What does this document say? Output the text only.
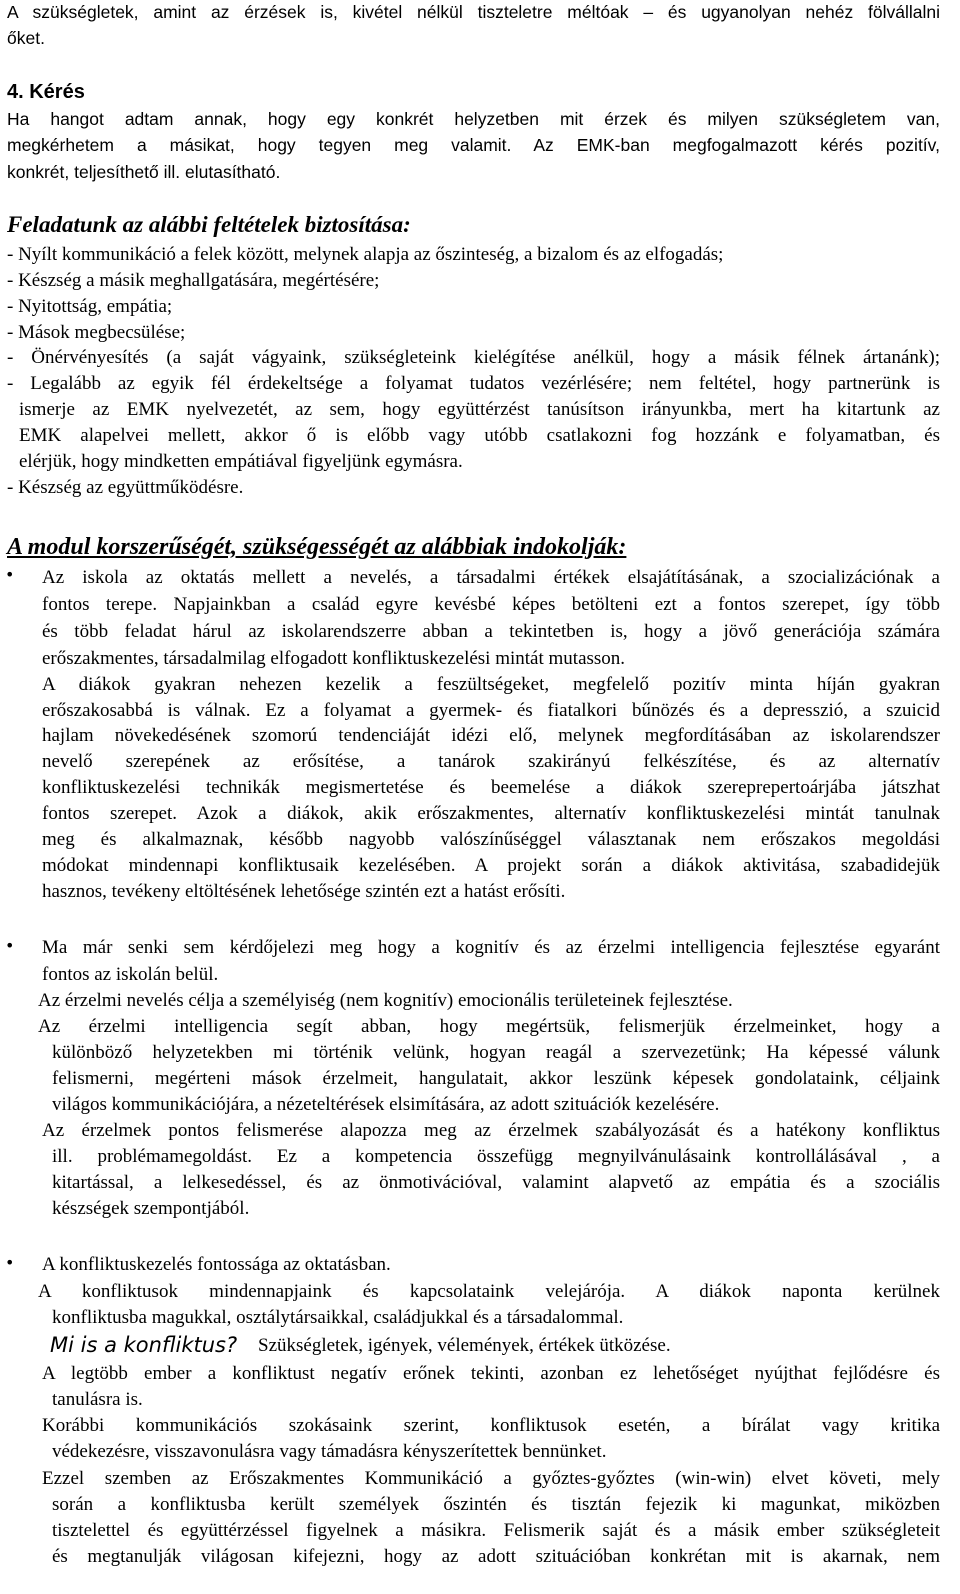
A szükségletek, amint az érzések is, kivétel nélkül tiszteletre méltóak – és ugyanolyan nehéz fölvállalni
őket.
4. Kérés
Ha hangot adtam annak, hogy egy konkrét helyzetben mit érzek és milyen szükségletem van,
megkérhetem a másikat, hogy tegyen meg valamit. Az EMK-ban megfogalmazott kérés pozitív,
konkrét, teljesíthető ill. elutasítható.
Feladatunk az alábbi feltételek biztosítása:
- Nyílt kommunikáció a felek között, melynek alapja az őszinteség, a bizalom és az elfogadás;
- Készség a másik meghallgatására, megértésére;
- Nyitottság, empátia;
- Mások megbecsülése;
- Önérvényesítés (a saját vágyaink, szükségleteink kielégítése anélkül, hogy a másik félnek ártanánk);
- Legalább az egyik fél érdekeltsége a folyamat tudatos vezérlésére; nem feltétel, hogy partnerünk is
ismerje az EMK nyelvezetét, az sem, hogy együttérzést tanúsítson irányunkba, mert ha kitartunk az
EMK alapelvei mellett, akkor ő is előbb vagy utóbb csatlakozni fog hozzánk e folyamatban, és
elérjük, hogy mindketten empátiával figyeljünk egymásra.
- Készség az együttműködésre.
A modul korszerűségét, szükségességét az alábbiak indokolják:
• Az iskola az oktatás mellett a nevelés, a társadalmi értékek elsajátításának, a szocializációnak a
fontos terepe. Napjainkban a család egyre kevésbé képes betölteni ezt a fontos szerepet, így több
és több feladat hárul az iskolarendszerre abban a tekintetben is, hogy a jövő generációja számára
erőszakmentes, társadalmilag elfogadott konfliktuskezelési mintát mutasson.
A diákok gyakran nehezen kezelik a feszültségeket, megfelelő pozitív minta híján gyakran
erőszakosabbá is válnak. Ez a folyamat a gyermek- és fiatalkori bűnözés és a depresszió, a szuicid
hajlam növekedésének szomorú tendenciáját idézi elő, melynek megfordításában az iskolarendszer
nevelő szerepének az erősítése, a tanárok szakirányú felkészítése, és az alternatív
konfliktuskezelési technikák megismertetése és beemelése a diákok szereprepertoárjába játszhat
fontos szerepet. Azok a diákok, akik erőszakmentes, alternatív konfliktuskezelési mintát tanulnak
meg és alkalmaznak, később nagyobb valószínűséggel választanak nem erőszakos megoldási
módokat mindennapi konfliktusaik kezelésében. A projekt során a diákok aktivitása, szabadidejük
hasznos, tevékeny eltöltésének lehetősége szintén ezt a hatást erősíti.
• Ma már senki sem kérdőjelezi meg hogy a kognitív és az érzelmi intelligencia fejlesztése egyaránt
fontos az iskolán belül.
Az érzelmi nevelés célja a személyiség (nem kognitív) emocionális területeinek fejlesztése.
Az érzelmi intelligencia segít abban, hogy megértsük, felismerjük érzelmeinket, hogy a
különböző helyzetekben mi történik velünk, hogyan reagál a szervezetünk; Ha képessé válunk
felismerni, megérteni mások érzelmeit, hangulatait, akkor leszünk képesek gondolataink, céljaink
világos kommunikációjára, a nézeteltérések elsimítására, az adott szituációk kezelésére.
Az érzelmek pontos felismerése alapozza meg az érzelmek szabályozását és a hatékony konfliktus
ill. problémamegoldást. Ez a kompetencia összefügg megnyilvánulásaink kontrollálásával , a
kitartással, a lelkesedéssel, és az önmotivációval, valamint alapvető az empátia és a szociális
készségek szempontjából.
• A konfliktuskezelés fontossága az oktatásban.
A konfliktusok mindennapjaink és kapcsolataink velejárója. A diákok naponta kerülnek
konfliktusba magukkal, osztálytársaikkal, családjukkal és a társadalommal.
Mi is a konfliktus? Szükségletek, igények, vélemények, értékek ütközése.
A legtöbb ember a konfliktust negatív erőnek tekinti, azonban ez lehetőséget nyújthat fejlődésre és
tanulásra is.
Korábbi kommunikációs szokásaink szerint, konfliktusok esetén, a bírálat vagy kritika
védekezésre, visszavonulásra vagy támadásra kényszerítettek bennünket.
Ezzel szemben az Erőszakmentes Kommunikáció a győztes-győztes (win-win) elvet követi, mely
során a konfliktusba került személyek őszintén és tisztán fejezik ki magunkat, miközben
tisztelettel és együttérzéssel figyelnek a másikra. Felismerik saját és a másik ember szükségleteit
és megtanulják világosan kifejezni, hogy az adott szituációban konkrétan mit is akarnak, nem
